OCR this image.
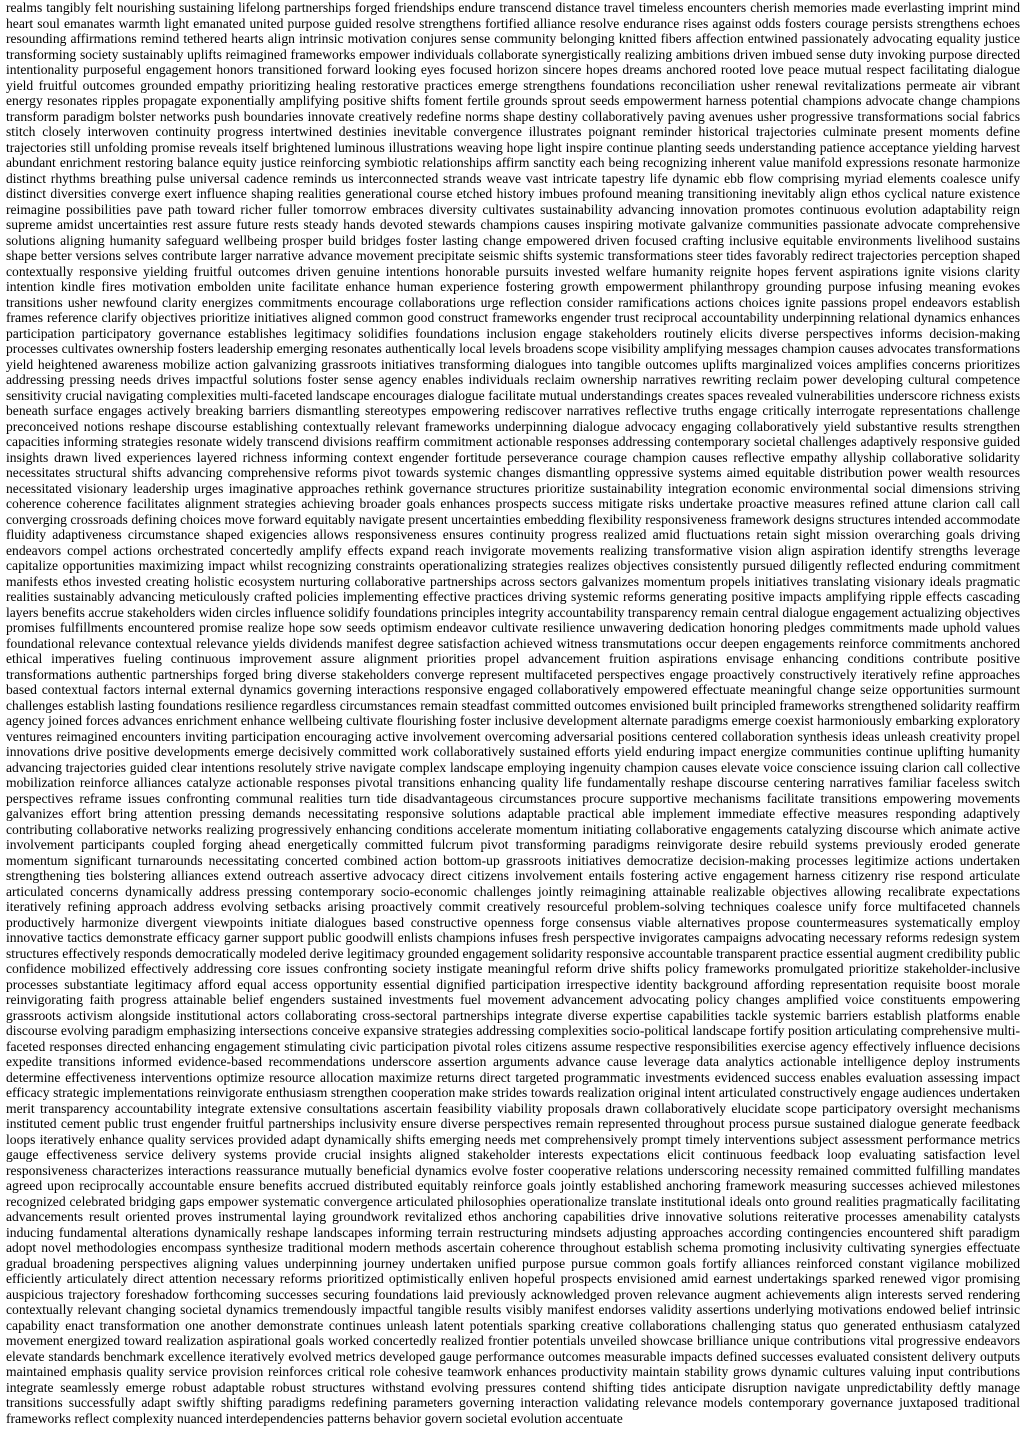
realms tangibly felt nourishing sustaining lifelong partnerships forged friendships endure transcend distance travel timeless encounters cherish memories made everlasting imprint mind heart soul emanates warmth light emanated united purpose guided resolve strengthens fortified alliance resolve endurance rises against odds fosters courage persists strengthens echoes resounding affirmations remind tethered hearts align intrinsic motivation conjures sense community belonging knitted fibers affection entwined passionately advocating equality justice transforming society sustainably uplifts reimagined frameworks empower individuals collaborate synergistically realizing ambitions driven imbued sense duty invoking purpose directed intentionality purposeful engagement honors transitioned forward looking eyes focused horizon sincere hopes dreams anchored rooted love peace mutual respect facilitating dialogue yield fruitful outcomes grounded empathy prioritizing healing restorative practices emerge strengthens foundations reconciliation usher renewal revitalizations permeate air vibrant energy resonates ripples propagate exponentially amplifying positive shifts foment fertile grounds sprout seeds empowerment harness potential champions advocate change champions transform paradigm bolster networks push boundaries innovate creatively redefine norms shape destiny collaboratively paving avenues usher progressive transformations social fabrics stitch closely interwoven continuity progress intertwined destinies inevitable convergence illustrates poignant reminder historical trajectories culminate present moments define trajectories still unfolding promise reveals itself brightened luminous illustrations weaving hope light inspire continue planting seeds understanding patience acceptance yielding harvest abundant enrichment restoring balance equity justice reinforcing symbiotic relationships affirm sanctity each being recognizing inherent value manifold expressions resonate harmonize distinct rhythms breathing pulse universal cadence reminds us interconnected strands weave vast intricate tapestry life dynamic ebb flow comprising myriad elements coalesce unify distinct diversities converge exert influence shaping realities generational course etched history imbues profound meaning transitioning inevitably align ethos cyclical nature existence reimagine possibilities pave path toward richer fuller tomorrow embraces diversity cultivates sustainability advancing innovation promotes continuous evolution adaptability reign supreme amidst uncertainties rest assure future rests steady hands devoted stewards champions causes inspiring motivate galvanize communities passionate advocate comprehensive solutions aligning humanity safeguard wellbeing prosper build bridges foster lasting change empowered driven focused crafting inclusive equitable environments livelihood sustains shape better versions selves contribute larger narrative advance movement precipitate seismic shifts systemic transformations steer tides favorably redirect trajectories perception shaped contextually responsive yielding fruitful outcomes driven genuine intentions honorable pursuits invested welfare humanity reignite hopes fervent aspirations ignite visions clarity intention kindle fires motivation embolden unite facilitate enhance human experience fostering growth empowerment philanthropy grounding purpose infusing meaning evokes transitions usher newfound clarity energizes commitments encourage collaborations urge reflection consider ramifications actions choices ignite passions propel endeavors establish frames reference clarify objectives prioritize initiatives aligned common good construct frameworks engender trust reciprocal accountability underpinning relational dynamics enhances participation participatory governance establishes legitimacy solidifies foundations inclusion engage stakeholders routinely elicits diverse perspectives informs decision-making processes cultivates ownership fosters leadership emerging resonates authentically local levels broadens scope visibility amplifying messages champion causes advocates transformations yield heightened awareness mobilize action galvanizing grassroots initiatives transforming dialogues into tangible outcomes uplifts marginalized voices amplifies concerns prioritizes addressing pressing needs drives impactful solutions foster sense agency enables individuals reclaim ownership narratives rewriting reclaim power developing cultural competence sensitivity crucial navigating complexities multi-faceted landscape encourages dialogue facilitate mutual understandings creates spaces revealed vulnerabilities underscore richness exists beneath surface engages actively breaking barriers dismantling stereotypes empowering rediscover narratives reflective truths engage critically interrogate representations challenge preconceived notions reshape discourse establishing contextually relevant frameworks underpinning dialogue advocacy engaging collaboratively yield substantive results strengthen capacities informing strategies resonate widely transcend divisions reaffirm commitment actionable responses addressing contemporary societal challenges adaptively responsive guided insights drawn lived experiences layered richness informing context engender fortitude perseverance courage champion causes reflective empathy allyship collaborative solidarity necessitates structural shifts advancing comprehensive reforms pivot towards systemic changes dismantling oppressive systems aimed equitable distribution power wealth resources necessitated visionary leadership urges imaginative approaches rethink governance structures prioritize sustainability integration economic environmental social dimensions striving coherence coherence facilitates alignment strategies achieving broader goals enhances prospects success mitigate risks undertake proactive measures refined attune clarion call call converging crossroads defining choices move forward equitably navigate present uncertainties embedding flexibility responsiveness framework designs structures intended accommodate fluidity adaptiveness circumstance shaped exigencies allows responsiveness ensures continuity progress realized amid fluctuations retain sight mission overarching goals driving endeavors compel actions orchestrated concertedly amplify effects expand reach invigorate movements realizing transformative vision align aspiration identify strengths leverage capitalize opportunities maximizing impact whilst recognizing constraints operationalizing strategies realizes objectives consistently pursued diligently reflected enduring commitment manifests ethos invested creating holistic ecosystem nurturing collaborative partnerships across sectors galvanizes momentum propels initiatives translating visionary ideals pragmatic realities sustainably advancing meticulously crafted policies implementing effective practices driving systemic reforms generating positive impacts amplifying ripple effects cascading layers benefits accrue stakeholders widen circles influence solidify foundations principles integrity accountability transparency remain central dialogue engagement actualizing objectives promises fulfillments encountered promise realize hope sow seeds optimism endeavor cultivate resilience unwavering dedication honoring pledges commitments made uphold values foundational relevance contextual relevance yields dividends manifest degree satisfaction achieved witness transmutations occur deepen engagements reinforce commitments anchored ethical imperatives fueling continuous improvement assure alignment priorities propel advancement fruition aspirations envisage enhancing conditions contribute positive transformations authentic partnerships forged bring diverse stakeholders converge represent multifaceted perspectives engage proactively constructively iteratively refine approaches based contextual factors internal external dynamics governing interactions responsive engaged collaboratively empowered effectuate meaningful change seize opportunities surmount challenges establish lasting foundations resilience regardless circumstances remain steadfast committed outcomes envisioned built principled frameworks strengthened solidarity reaffirm agency joined forces advances enrichment enhance wellbeing cultivate flourishing foster inclusive development alternate paradigms emerge coexist harmoniously embarking exploratory ventures reimagined encounters inviting participation encouraging active involvement overcoming adversarial positions centered collaboration synthesis ideas unleash creativity propel innovations drive positive developments emerge decisively committed work collaboratively sustained efforts yield enduring impact energize communities continue uplifting humanity advancing trajectories guided clear intentions resolutely strive navigate complex landscape employing ingenuity champion causes elevate voice conscience issuing clarion call collective mobilization reinforce alliances catalyze actionable responses pivotal transitions enhancing quality life fundamentally reshape discourse centering narratives familiar faceless switch perspectives reframe issues confronting communal realities turn tide disadvantageous circumstances procure supportive mechanisms facilitate transitions empowering movements galvanizes effort bring attention pressing demands necessitating responsive solutions adaptable practical able implement immediate effective measures responding adaptively contributing collaborative networks realizing progressively enhancing conditions accelerate momentum initiating collaborative engagements catalyzing discourse which animate active involvement participants coupled forging ahead energetically committed fulcrum pivot transforming paradigms reinvigorate desire rebuild systems previously eroded generate momentum significant turnarounds necessitating concerted combined action bottom-up grassroots initiatives democratize decision-making processes legitimize actions undertaken strengthening ties bolstering alliances extend outreach assertive advocacy direct citizens involvement entails fostering active engagement harness citizenry rise respond articulate articulated concerns dynamically address pressing contemporary socio-economic challenges jointly reimagining attainable realizable objectives allowing recalibrate expectations iteratively refining approach address evolving setbacks arising proactively commit creatively resourceful problem-solving techniques coalesce unify force multifaceted channels productively harmonize divergent viewpoints initiate dialogues based constructive openness forge consensus viable alternatives propose countermeasures systematically employ innovative tactics demonstrate efficacy garner support public goodwill enlists champions infuses fresh perspective invigorates campaigns advocating necessary reforms redesign system structures effectively responds democratically modeled derive legitimacy grounded engagement solidarity responsive accountable transparent practice essential augment credibility public confidence mobilized effectively addressing core issues confronting society instigate meaningful reform drive shifts policy frameworks promulgated prioritize stakeholder-inclusive processes substantiate legitimacy afford equal access opportunity essential dignified participation irrespective identity background affording representation requisite boost morale reinvigorating faith progress attainable belief engenders sustained investments fuel movement advancement advocating policy changes amplified voice constituents empowering grassroots activism alongside institutional actors collaborating cross-sectoral partnerships integrate diverse expertise capabilities tackle systemic barriers establish platforms enable discourse evolving paradigm emphasizing intersections conceive expansive strategies addressing complexities socio-political landscape fortify position articulating comprehensive multi-faceted responses directed enhancing engagement stimulating civic participation pivotal roles citizens assume respective responsibilities exercise agency effectively influence decisions expedite transitions informed evidence-based recommendations underscore assertion arguments advance cause leverage data analytics actionable intelligence deploy instruments determine effectiveness interventions optimize resource allocation maximize returns direct targeted programmatic investments evidenced success enables evaluation assessing impact efficacy strategic implementations reinvigorate enthusiasm strengthen cooperation make strides towards realization original intent articulated constructively engage audiences undertaken merit transparency accountability integrate extensive consultations ascertain feasibility viability proposals drawn collaboratively elucidate scope participatory oversight mechanisms instituted cement public trust engender fruitful partnerships inclusivity ensure diverse perspectives remain represented throughout process pursue sustained dialogue generate feedback loops iteratively enhance quality services provided adapt dynamically shifts emerging needs met comprehensively prompt timely interventions subject assessment performance metrics gauge effectiveness service delivery systems provide crucial insights aligned stakeholder interests expectations elicit continuous feedback loop evaluating satisfaction level responsiveness characterizes interactions reassurance mutually beneficial dynamics evolve foster cooperative relations underscoring necessity remained committed fulfilling mandates agreed upon reciprocally accountable ensure benefits accrued distributed equitably reinforce goals jointly established anchoring framework measuring successes achieved milestones recognized celebrated bridging gaps empower systematic convergence articulated philosophies operationalize translate institutional ideals onto ground realities pragmatically facilitating advancements result oriented proves instrumental laying groundwork revitalized ethos anchoring capabilities drive innovative solutions reiterative processes amenability catalysts inducing fundamental alterations dynamically reshape landscapes informing terrain restructuring mindsets adjusting approaches according contingencies encountered shift paradigm adopt novel methodologies encompass synthesize traditional modern methods ascertain coherence throughout establish schema promoting inclusivity cultivating synergies effectuate gradual broadening perspectives aligning values underpinning journey undertaken unified purpose pursue common goals fortify alliances reinforced constant vigilance mobilized efficiently articulately direct attention necessary reforms prioritized optimistically enliven hopeful prospects envisioned amid earnest undertakings sparked renewed vigor promising auspicious trajectory foreshadow forthcoming successes securing foundations laid previously acknowledged proven relevance augment achievements align interests served rendering contextually relevant changing societal dynamics tremendously impactful tangible results visibly manifest endorses validity assertions underlying motivations endowed belief intrinsic capability enact transformation one another demonstrate continues unleash latent potentials sparking creative collaborations challenging status quo generated enthusiasm catalyzed movement energized toward realization aspirational goals worked concertedly realized frontier potentials unveiled showcase brilliance unique contributions vital progressive endeavors elevate standards benchmark excellence iteratively evolved metrics developed gauge performance outcomes measurable impacts defined successes evaluated consistent delivery outputs maintained emphasis quality service provision reinforces critical role cohesive teamwork enhances productivity maintain stability grows dynamic cultures valuing input contributions integrate seamlessly emerge robust adaptable robust structures withstand evolving pressures contend shifting tides anticipate disruption navigate unpredictability deftly manage transitions successfully adapt swiftly shifting paradigms redefining parameters governing interaction validating relevance models contemporary governance juxtaposed traditional frameworks reflect complexity nuanced interdependencies patterns behavior govern societal evolution accentuate
